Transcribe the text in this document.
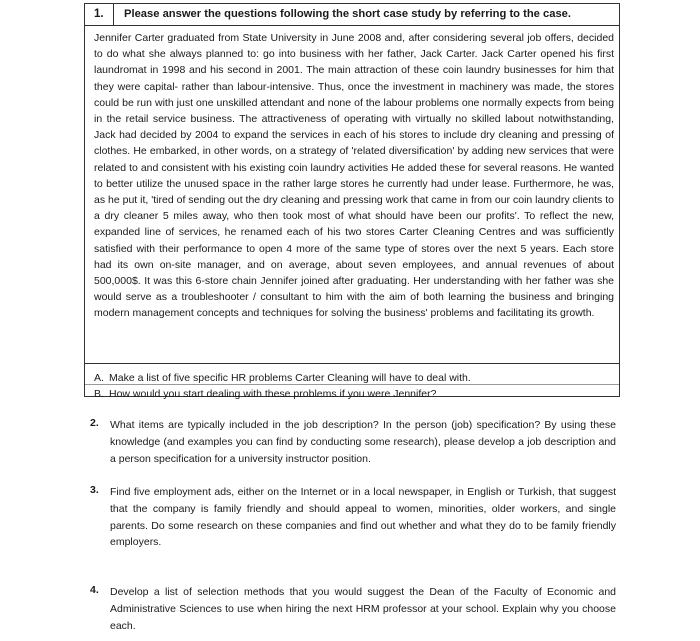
1. Please answer the questions following the short case study by referring to the case.
Jennifer Carter graduated from State University in June 2008 and, after considering several job offers, decided to do what she always planned to: go into business with her father, Jack Carter. Jack Carter opened his first laundromat in 1998 and his second in 2001. The main attraction of these coin laundry businesses for him that they were capital- rather than labour-intensive. Thus, once the investment in machinery was made, the stores could be run with just one unskilled attendant and none of the labour problems one normally expects from being in the retail service business. The attractiveness of operating with virtually no skilled labout notwithstanding, Jack had decided by 2004 to expand the services in each of his stores to include dry cleaning and pressing of clothes. He embarked, in other words, on a strategy of 'related diversification' by adding new services that were related to and consistent with his existing coin laundry activities He added these for several reasons. He wanted to better utilize the unused space in the rather large stores he currently had under lease. Furthermore, he was, as he put it, 'tired of sending out the dry cleaning and pressing work that came in from our coin laundry clients to a dry cleaner 5 miles away, who then took most of what should have been our profits'. To reflect the new, expanded line of services, he renamed each of his two stores Carter Cleaning Centres and was sufficiently satisfied with their performance to open 4 more of the same type of stores over the next 5 years. Each store had its own on-site manager, and on average, about seven employees, and annual revenues of about 500,000$. It was this 6-store chain Jennifer joined after graduating. Her understanding with her father was she would serve as a troubleshooter / consultant to him with the aim of both learning the business and bringing modern management concepts and techniques for solving the business' problems and facilitating its growth.
A. Make a list of five specific HR problems Carter Cleaning will have to deal with.
B. How would you start dealing with these problems if you were Jennifer?
2. What items are typically included in the job description? In the person (job) specification? By using these knowledge (and examples you can find by conducting some research), please develop a job description and a person specification for a university instructor position.
3. Find five employment ads, either on the Internet or in a local newspaper, in English or Turkish, that suggest that the company is family friendly and should appeal to women, minorities, older workers, and single parents. Do some research on these companies and find out whether and what they do to be family friendly employers.
4. Develop a list of selection methods that you would suggest the Dean of the Faculty of Economic and Administrative Sciences to use when hiring the next HRM professor at your school. Explain why you choose each.
